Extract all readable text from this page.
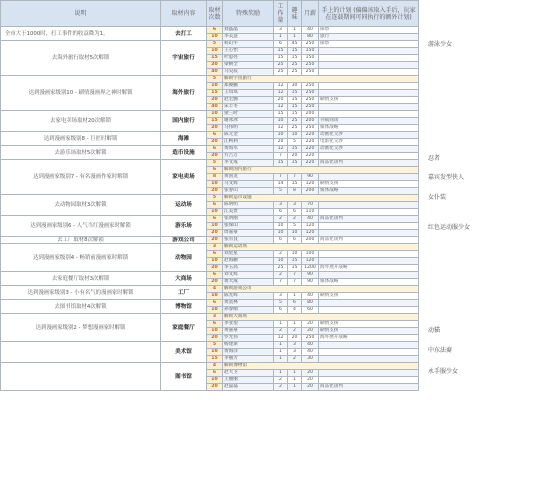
说明	取材内容	取材次数	特殊奖励	工作量	趣味	月薪	手上的计划 (偏偏该取入手后，玩家在连载期间可同执行的额外计划)
全市大于1000时，打工事件的收益降为1。	去打工	6	刘晶晶	3	1	40	採察
		10	李美慧	1	1	80	旅行
去海外旅行取材5次解锁	宇宙旅行	5	科幻牛	6	45	250	採察
		10	王心怡	15	15	150	
		15	叶思亮	15	15	150	
		20	梁朝全	25	25	250	
		40	马昊辰	25	25	250	
达到漫画家级别10 - 刷情漫画界之神时解锁	海外旅行	5	解锁宇宙旅行				
		10	郑俊鹏	12	30	250	
		15	王琪琪	12	15	250	
		20	赵宏腾	20	15	250	刷情支援
		40	宋丰冬	12	15	250	
去家电卖场取材20次解锁	国内旅行	10	梁三时	15	15	200	
		15	谢冰冰	10	25	200	刊载商谈
		20	马伟明	12	25	250	媒体战略
达到漫画家级别8 - 巨匠时解锁	海滩	6	陈元金	10	10	220	动画化交涉
		20	江柯利	20	5	220	电影化交涉
去游乐场取材5次解锁	造币设施	6	黄海水	12	15	220	动画化交涉
		20	方吉万	7	20	220	
达到漫画家级别7 - 有名漫画作家时解锁	家电卖场	5	李文成	15	15	220	商品化谈判
		6	解锁国内旅行				
		8	黄国龙	7	7	90	
		10	马文辉	14	15	120	刷情支援
		20	张春山	5	8	200	媒体战略
去动物园取材3次解锁	运动场	5	解锁造币设施				
		6	陈明明	3	3	70	
		10	江美贵	6	6	110	
达到漫画家级别6 - 人气当红漫画家时解锁	游乐场	6	张明刚	2	2	40	商品化谈判
		10	张保山	10	5	120	
		20	周嘉豪	10	10	120	
去工厂取材8次解锁	游戏公司	20	张有良	6	6	200	商品化谈判
达到漫画家级别4 - 畅销前漫画家时解锁	动物园	3	解锁运动场				
		6	刘星星	2	10	100	
		10	赵海鹏	10	15	120	
		20	李玉高	25	15	1200	海外展开战略
去家庭餐厅取材3次解锁	大商场	6	刘文辉	2	7	90	
		20	黄大成	7	7	90	媒体战略
达到漫画家级别3 - 小有名气的漫画家时解锁	工厂	4	解锁游戏公司				
		10	陈光辉	3	1	40	刷情支援
去图书馆取材4次解锁	博物馆	6	黄莫林	5	6	80	
		10	孙春刚	6	4	60	
达到漫画家级别2 - 梦想漫画家时解锁	家庭餐厅	3	解锁大商场				
		6	李亚望	1	1	20	刷情支援
		10	黄嘉豪	2	2	20	刷情支援
		20	罗光伟	12	20	250	海外展开战略
	美术馆	5	杨建斯	1	3	40	
		10	黄海洋	1	3	40	
		15	李丽芳	1	2	30	
	图书馆	4	解锁博物馆				
		6	赵大卫	1	1	20	
		10	王丽丽	2	1	20	
		20	赵磊磊	2	1	20	商品化谈判
游泳少女
忍者
嘉宾发型侠人
女仆装
红色运动服少女
动猫
中东法裔
永手服少女
